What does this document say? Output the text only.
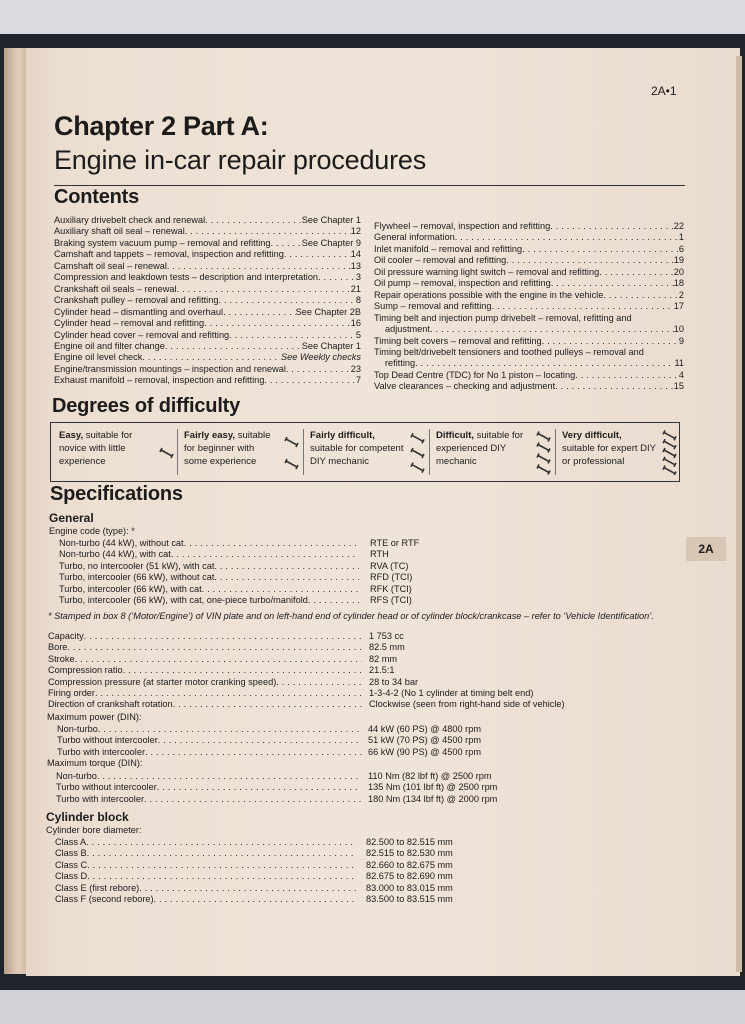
2A•1
Chapter 2 Part A:
Engine in-car repair procedures
Contents
Auxiliary drivebelt check and renewal . . .	See Chapter 1
Auxiliary shaft oil seal – renewal . . .	12
Braking system vacuum pump – removal and refitting . . .	See Chapter 9
Camshaft and tappets – removal, inspection and refitting . . .	14
Camshaft oil seal – renewal . . .	13
Compression and leakdown tests – description and interpretation . . .	3
Crankshaft oil seals – renewal . . .	21
Crankshaft pulley – removal and refitting . . .	8
Cylinder head – dismantling and overhaul . . .	See Chapter 2B
Cylinder head – removal and refitting . . .	16
Cylinder head cover – removal and refitting . . .	5
Engine oil and filter change . . .	See Chapter 1
Engine oil level check . . .	See Weekly checks
Engine/transmission mountings – inspection and renewal . . .	23
Exhaust manifold – removal, inspection and refitting . . .	7
Flywheel – removal, inspection and refitting . . .	22
General information . . .	1
Inlet manifold – removal and refitting . . .	6
Oil cooler – removal and refitting . . .	19
Oil pressure warning light switch – removal and refitting . . .	20
Oil pump – removal, inspection and refitting . . .	18
Repair operations possible with the engine in the vehicle . . .	2
Sump – removal and refitting . . .	17
Timing belt and injection pump drivebelt – removal, refitting and
adjustment . . .	10
Timing belt covers – removal and refitting . . .	9
Timing belt/drivebelt tensioners and toothed pulleys – removal and
refitting . . .	11
Top Dead Centre (TDC) for No 1 piston – locating . . .	4
Valve clearances – checking and adjustment . . .	15
Degrees of difficulty
Easy, suitable for
novice with little
experience
Fairly easy, suitable
for beginner with
some experience
Fairly difficult,
suitable for competent
DIY mechanic
Difficult, suitable for
experienced DIY
mechanic
Very difficult,
suitable for expert DIY
or professional
Specifications
General
Engine code (type): *
Non-turbo (44 kW), without cat . . .	RTE or RTF
Non-turbo (44 kW), with cat . . .	RTH
Turbo, no intercooler (51 kW), with cat . . .	RVA (TC)
Turbo, intercooler (66 kW), without cat . . .	RFD (TCI)
Turbo, intercooler (66 kW), with cat . . .	RFK (TCI)
Turbo, intercooler (66 kW), with cat, one-piece turbo/manifold . . .	RFS (TCI)
* Stamped in box 8 (‘Motor/Engine’) of VIN plate and on left-hand end of cylinder head or of cylinder block/crankcase – refer to ‘Vehicle Identification’.
Capacity . . .	1 753 cc
Bore . . .	82.5 mm
Stroke . . .	82 mm
Compression ratio . . .	21.5:1
Compression pressure (at starter motor cranking speed) . . .	28 to 34 bar
Firing order . . .	1-3-4-2 (No 1 cylinder at timing belt end)
Direction of crankshaft rotation . . .	Clockwise (seen from right-hand side of vehicle)
Maximum power (DIN):
Non-turbo . . .	44 kW (60 PS) @ 4800 rpm
Turbo without intercooler . . .	51 kW (70 PS) @ 4500 rpm
Turbo with intercooler . . .	66 kW (90 PS) @ 4500 rpm
Maximum torque (DIN):
Non-turbo . . .	110 Nm (82 lbf ft) @ 2500 rpm
Turbo without intercooler . . .	135 Nm (101 lbf ft) @ 2500 rpm
Turbo with intercooler . . .	180 Nm (134 lbf ft) @ 2000 rpm
Cylinder block
Cylinder bore diameter:
Class A . . .	82.500 to 82.515 mm
Class B . . .	82.515 to 82.530 mm
Class C . . .	82.660 to 82.675 mm
Class D . . .	82.675 to 82.690 mm
Class E (first rebore) . . .	83.000 to 83.015 mm
Class F (second rebore) . . .	83.500 to 83.515 mm
2A
